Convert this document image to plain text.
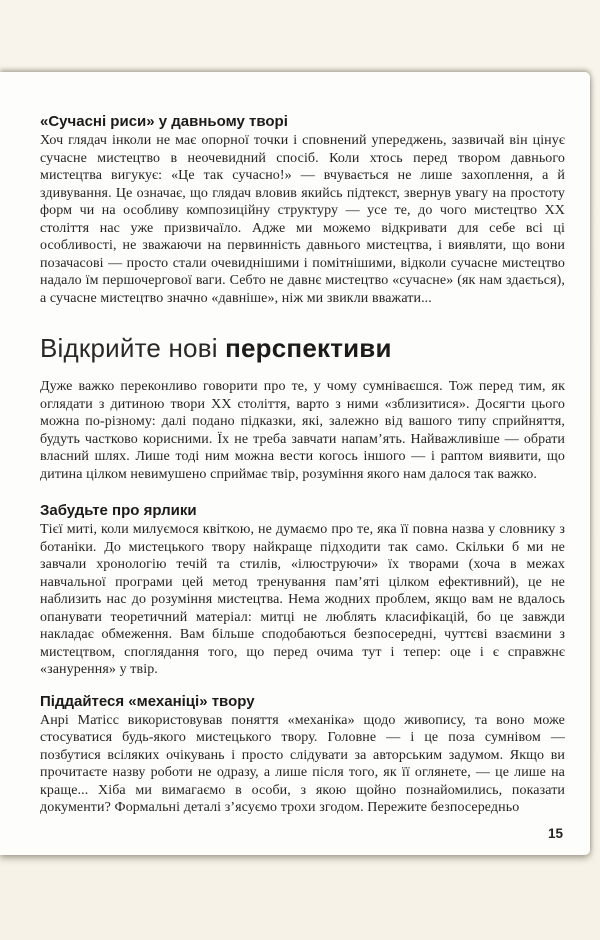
«Сучасні риси» у давньому творі

Хоч глядач інколи не має опорної точки і сповнений упереджень, зазвичай він цінує сучасне мистецтво в неочевидний спосіб. Коли хтось перед твором давнього мистецтва вигукує: «Це так сучасно!» — вчувається не лише захоплення, а й здивування. Це означає, що глядач вловив якийсь підтекст, звернув увагу на простоту форм чи на особливу композиційну структуру — усе те, до чого мистецтво XX століття нас уже призвичаїло. Адже ми можемо відкривати для себе всі ці особливості, не зважаючи на первинність давнього мистецтва, і виявляти, що вони позачасові — просто стали очевиднішими і помітнішими, відколи сучасне мистецтво надало їм першочергової ваги. Себто не давнє мистецтво «сучасне» (як нам здається), а сучасне мистецтво значно «давніше», ніж ми звикли вважати...

Відкрийте нові перспективи

Дуже важко переконливо говорити про те, у чому сумніваєшся. Тож перед тим, як оглядати з дитиною твори XX століття, варто з ними «зблизитися». Досягти цього можна по-різному: далі подано підказки, які, залежно від вашого типу сприйняття, будуть частково корисними. Їх не треба завчати напам’ять. Найважливіше — обрати власний шлях. Лише тоді ним можна вести когось іншого — і раптом виявити, що дитина цілком невимушено сприймає твір, розуміння якого нам далося так важко.

Забудьте про ярлики

Тієї миті, коли милуємося квіткою, не думаємо про те, яка її повна назва у словнику з ботаніки. До мистецького твору найкраще підходити так само. Скільки б ми не завчали хронологію течій та стилів, «ілюструючи» їх творами (хоча в межах навчальної програми цей метод тренування пам’яті цілком ефективний), це не наблизить нас до розуміння мистецтва. Нема жодних проблем, якщо вам не вдалось опанувати теоретичний матеріал: митці не люблять класифікацій, бо це завжди накладає обмеження. Вам більше сподобаються безпосередні, чуттєві взаємини з мистецтвом, споглядання того, що перед очима тут і тепер: оце і є справжнє «занурення» у твір.

Піддайтеся «механіці» твору

Анрі Матісс використовував поняття «механіка» щодо живопису, та воно може стосуватися будь-якого мистецького твору. Головне — і це поза сумнівом — позбутися всіляких очікувань і просто слідувати за авторським задумом. Якщо ви прочитаєте назву роботи не одразу, а лише після того, як її оглянете, — це лише на краще... Хіба ми вимагаємо в особи, з якою щойно познайомились, показати документи? Формальні деталі з’ясуємо трохи згодом. Пережите безпосередньо

15
